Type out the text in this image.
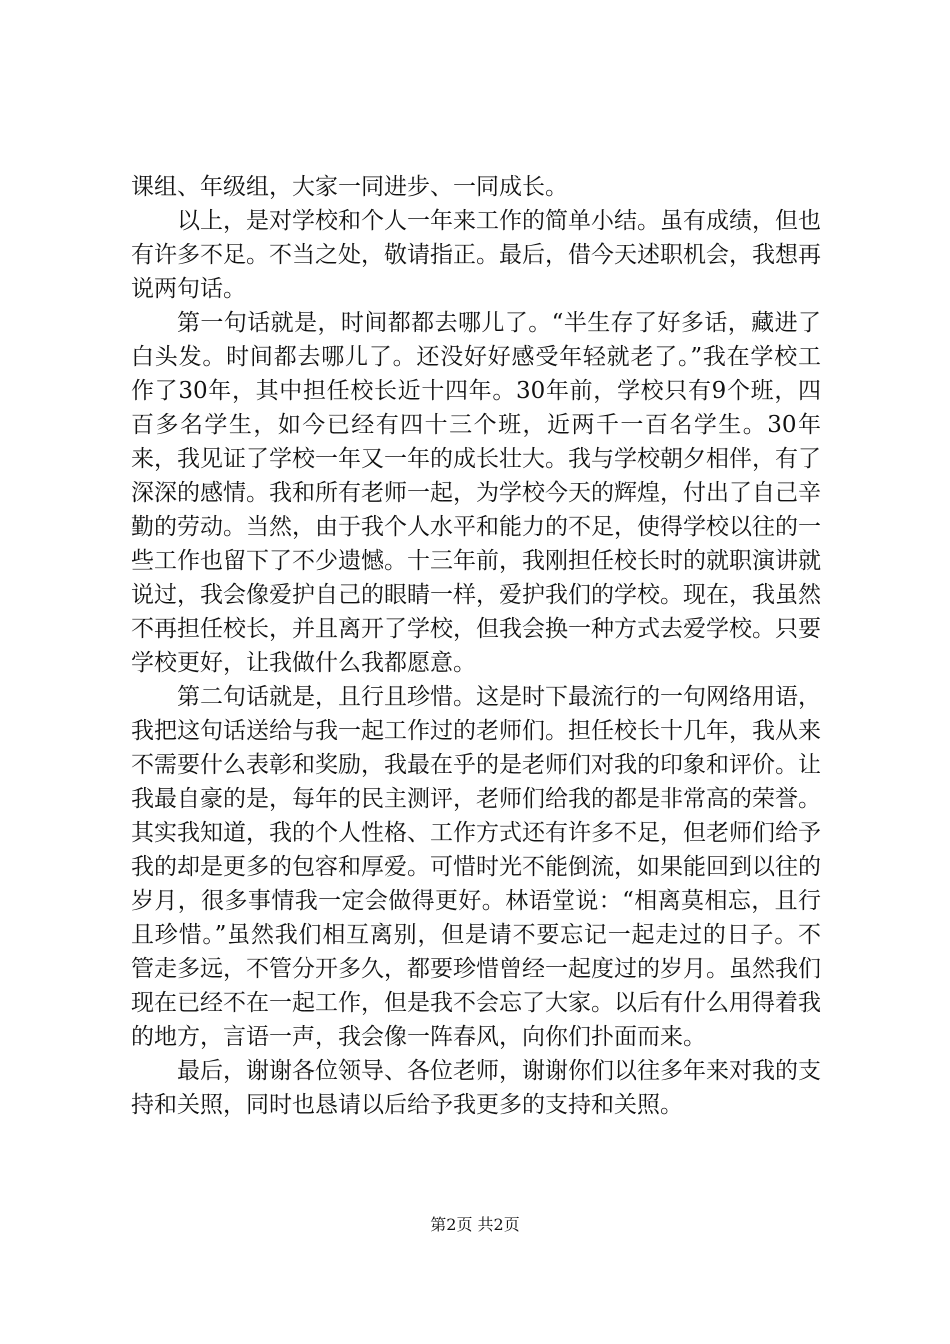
课组、年级组，大家一同进步、一同成长。

以上，是对学校和个人一年来工作的简单小结。虽有成绩，但也有许多不足。不当之处，敬请指正。最后，借今天述职机会，我想再说两句话。

第一句话就是，时间都都去哪儿了。“半生存了好多话，藏进了白头发。时间都去哪儿了。还没好好感受年轻就老了。”我在学校工作了30年，其中担任校长近十四年。30年前，学校只有9个班，四百多名学生，如今已经有四十三个班，近两千一百名学生。30年来，我见证了学校一年又一年的成长壮大。我与学校朝夕相伴，有了深深的感情。我和所有老师一起，为学校今天的辉煌，付出了自己辛勤的劳动。当然，由于我个人水平和能力的不足，使得学校以往的一些工作也留下了不少遗憾。十三年前，我刚担任校长时的就职演讲就说过，我会像爱护自己的眼睛一样，爱护我们的学校。现在，我虽然不再担任校长，并且离开了学校，但我会换一种方式去爱学校。只要学校更好，让我做什么我都愿意。

第二句话就是，且行且珍惜。这是时下最流行的一句网络用语，我把这句话送给与我一起工作过的老师们。担任校长十几年，我从来不需要什么表彰和奖励，我最在乎的是老师们对我的印象和评价。让我最自豪的是，每年的民主测评，老师们给我的都是非常高的荣誉。其实我知道，我的个人性格、工作方式还有许多不足，但老师们给予我的却是更多的包容和厚爱。可惜时光不能倒流，如果能回到以往的岁月，很多事情我一定会做得更好。林语堂说：“相离莫相忘，且行且珍惜。”虽然我们相互离别，但是请不要忘记一起走过的日子。不管走多远，不管分开多久，都要珍惜曾经一起度过的岁月。虽然我们现在已经不在一起工作，但是我不会忘了大家。以后有什么用得着我的地方，言语一声，我会像一阵春风，向你们扑面而来。

最后，谢谢各位领导、各位老师，谢谢你们以往多年来对我的支持和关照，同时也恳请以后给予我更多的支持和关照。

第2页 共2页
